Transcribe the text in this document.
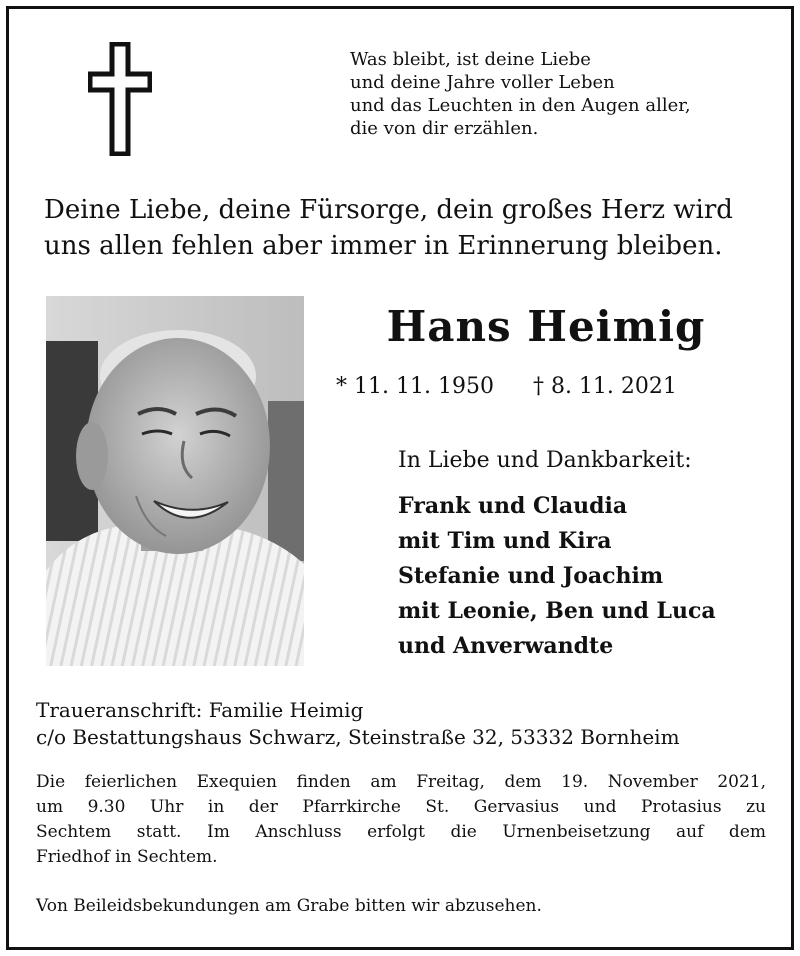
Was bleibt, ist deine Liebe
und deine Jahre voller Leben
und das Leuchten in den Augen aller,
die von dir erzählen.
Deine Liebe, deine Fürsorge, dein großes Herz wird
uns allen fehlen aber immer in Erinnerung bleiben.
Hans Heimig
* 11. 11. 1950 † 8. 11. 2021
In Liebe und Dankbarkeit:
Frank und Claudia
mit Tim und Kira
Stefanie und Joachim
mit Leonie, Ben und Luca
und Anverwandte
Traueranschrift: Familie Heimig
c/o Bestattungshaus Schwarz, Steinstraße 32, 53332 Bornheim
Die feierlichen Exequien finden am Freitag, dem 19. November 2021,
um 9.30 Uhr in der Pfarrkirche St. Gervasius und Protasius zu
Sechtem statt. Im Anschluss erfolgt die Urnenbeisetzung auf dem
Friedhof in Sechtem.
Von Beileidsbekundungen am Grabe bitten wir abzusehen.
